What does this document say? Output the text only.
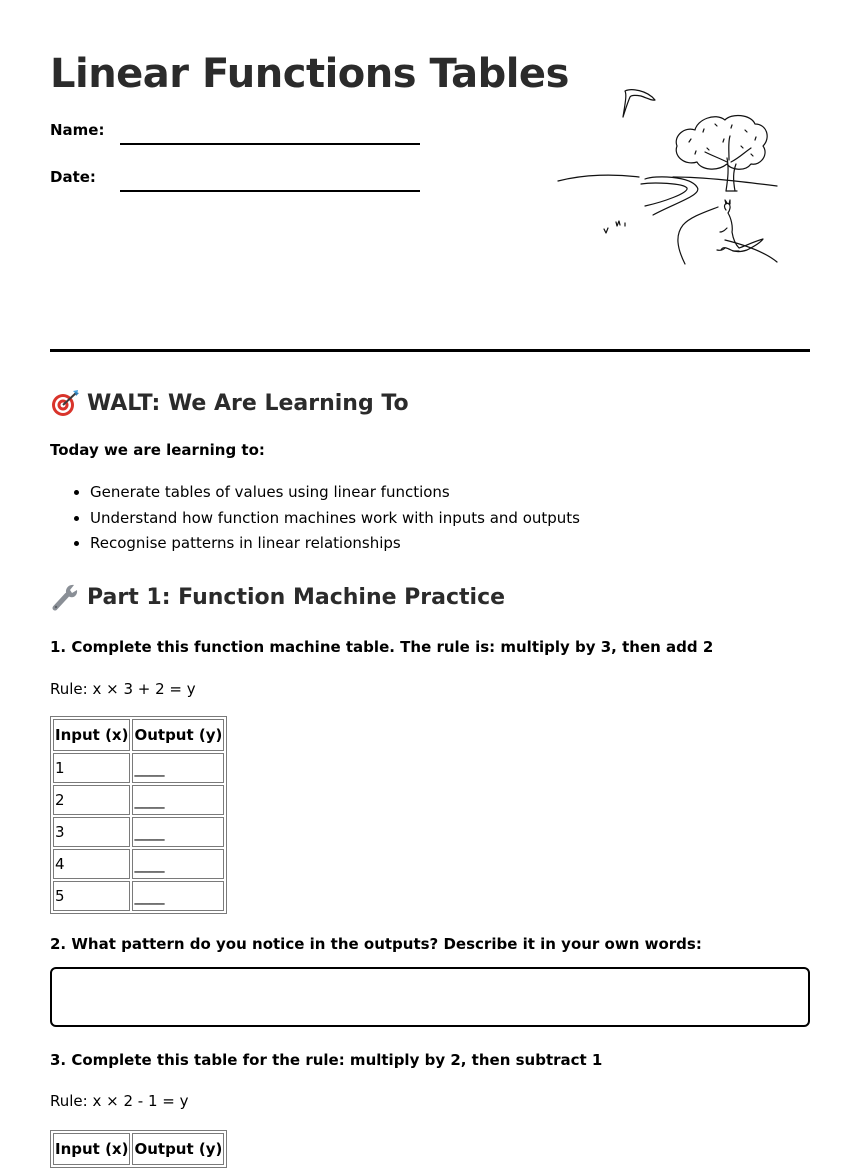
Linear Functions Tables
Name:
Date:
WALT: We Are Learning To
Today we are learning to:
• Generate tables of values using linear functions
• Understand how function machines work with inputs and outputs
• Recognise patterns in linear relationships
Part 1: Function Machine Practice
1. Complete this function machine table. The rule is: multiply by 3, then add 2
Rule: x × 3 + 2 = y
Input (x)	Output (y)
1	____
2	____
3	____
4	____
5	____
2. What pattern do you notice in the outputs? Describe it in your own words:
3. Complete this table for the rule: multiply by 2, then subtract 1
Rule: x × 2 - 1 = y
Input (x)	Output (y)
